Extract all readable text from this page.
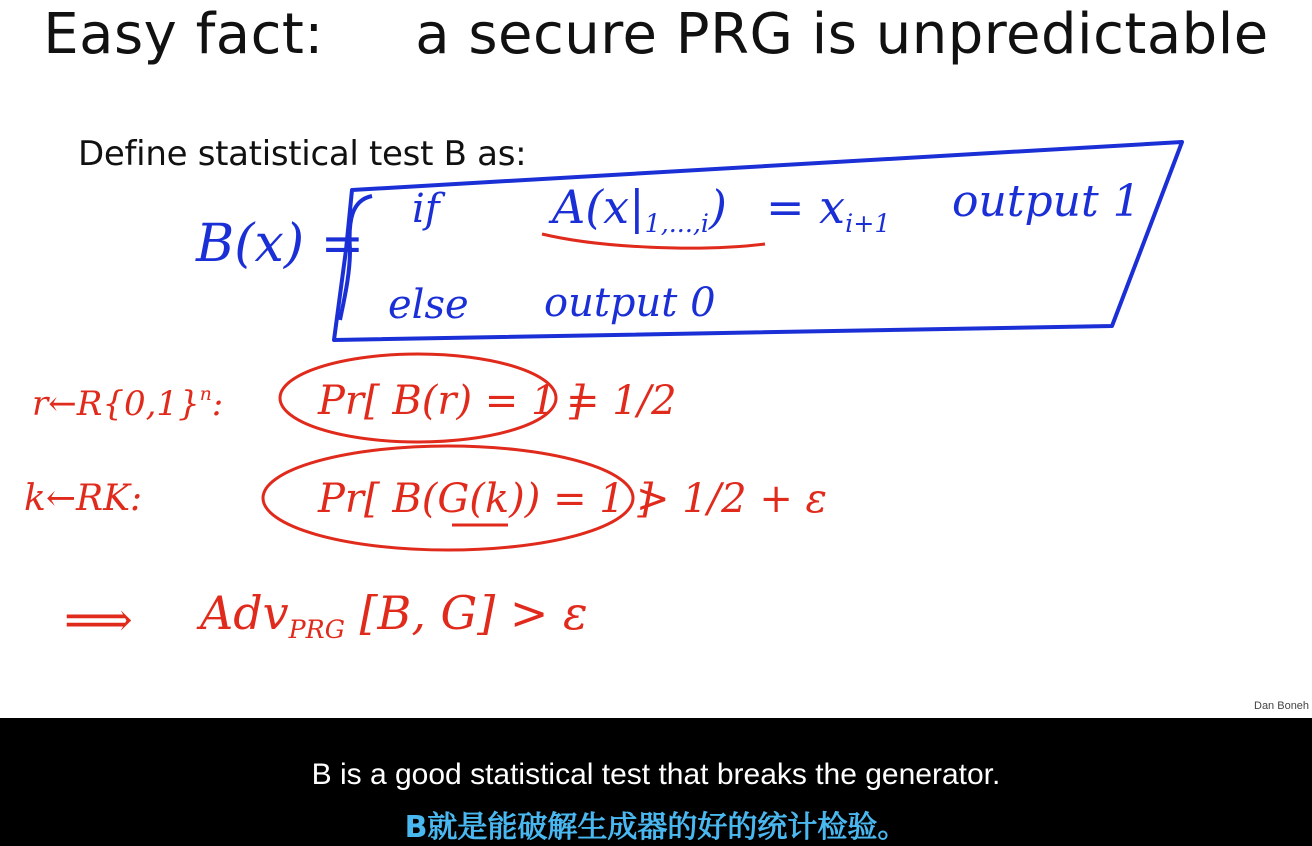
Easy fact:     a secure PRG is unpredictable

Define statistical test B as:

B(x) =
if $A(x|_{1,...,i}) = x_{i+1}$ output 1
else output 0
$r\leftarrow R\{0,1\}^n$: Pr[ B(r) = 1 ]
= 1/2
k←RK:	Pr[ B(G(k)) = 1 ]
> 1/2 + ε
⟹ Adv$_{PRG}$ [B, G] > ε
Dan Boneh
B is a good statistical test that breaks the generator.
B就是能破解生成器的好的统计检验。
